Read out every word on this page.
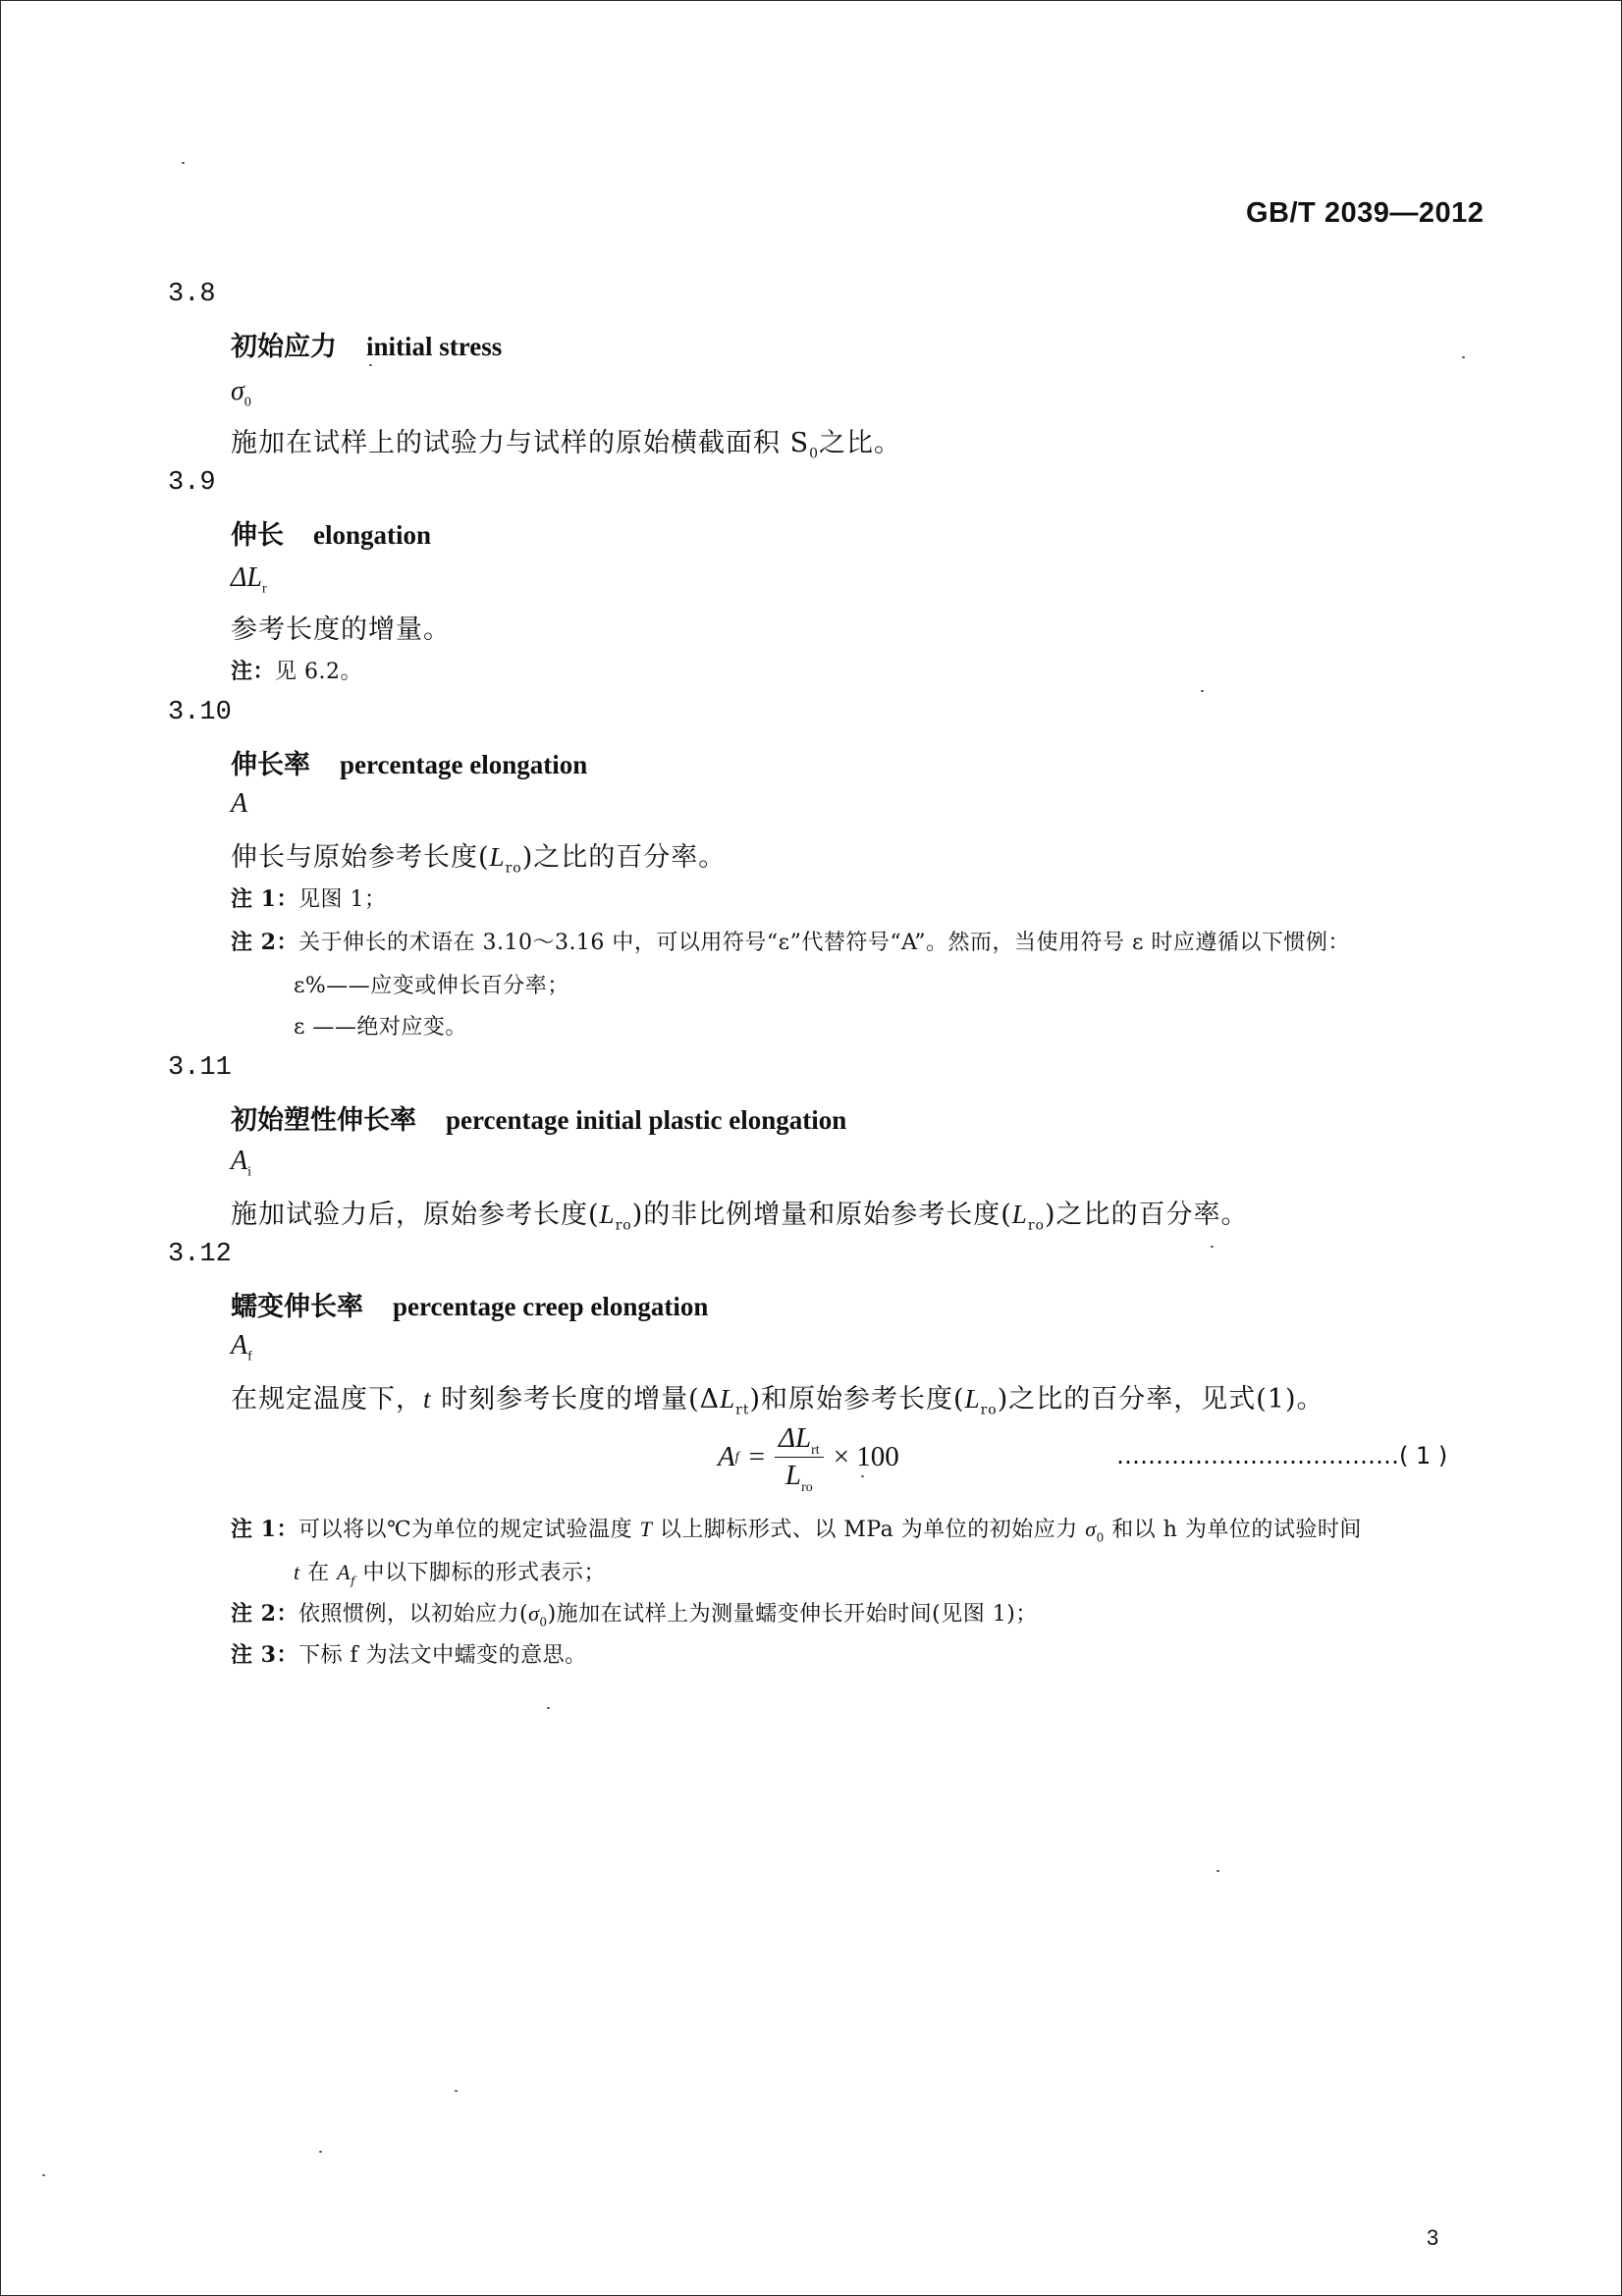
GB/T 2039—2012
3.8
初始应力 initial stress
$\sigma_0$
施加在试样上的试验力与试样的原始横截面积 $S_0$之比。
3.9
伸长 elongation
$\Delta L_r$
参考长度的增量。
注：见 6.2。
3.10
伸长率 percentage elongation
A
伸长与原始参考长度$(L_{ro})$之比的百分率。
注 1：见图 1；
注 2：关于伸长的术语在 3.10～3.16 中，可以用符号“ε”代替符号“A”。然而，当使用符号 ε 时应遵循以下惯例：
ε%——应变或伸长百分率；
ε ——绝对应变。
3.11
初始塑性伸长率 percentage initial plastic elongation
$A_i$
施加试验力后，原始参考长度$(L_{ro})$的非比例增量和原始参考长度$(L_{ro})$之比的百分率。
3.12
蠕变伸长率 percentage creep elongation
$A_f$
在规定温度下，t 时刻参考长度的增量$(\Delta L_{rt})$和原始参考长度$(L_{ro})$之比的百分率，见式(1)。
A $f = \frac{\Delta L_{rt}}{L_{ro}} \times 100$	………………………………( 1 )
注 1：可以将以℃为单位的规定试验温度 T 以上脚标形式、以 MPa 为单位的初始应力 $\sigma_0$ 和以 h 为单位的试验时间
t 在 $A_f$ 中以下脚标的形式表示；
注 2：依照惯例，以初始应力$(\sigma_0)$施加在试样上为测量蠕变伸长开始时间(见图 1)；
注 3：下标 f 为法文中蠕变的意思。
3
